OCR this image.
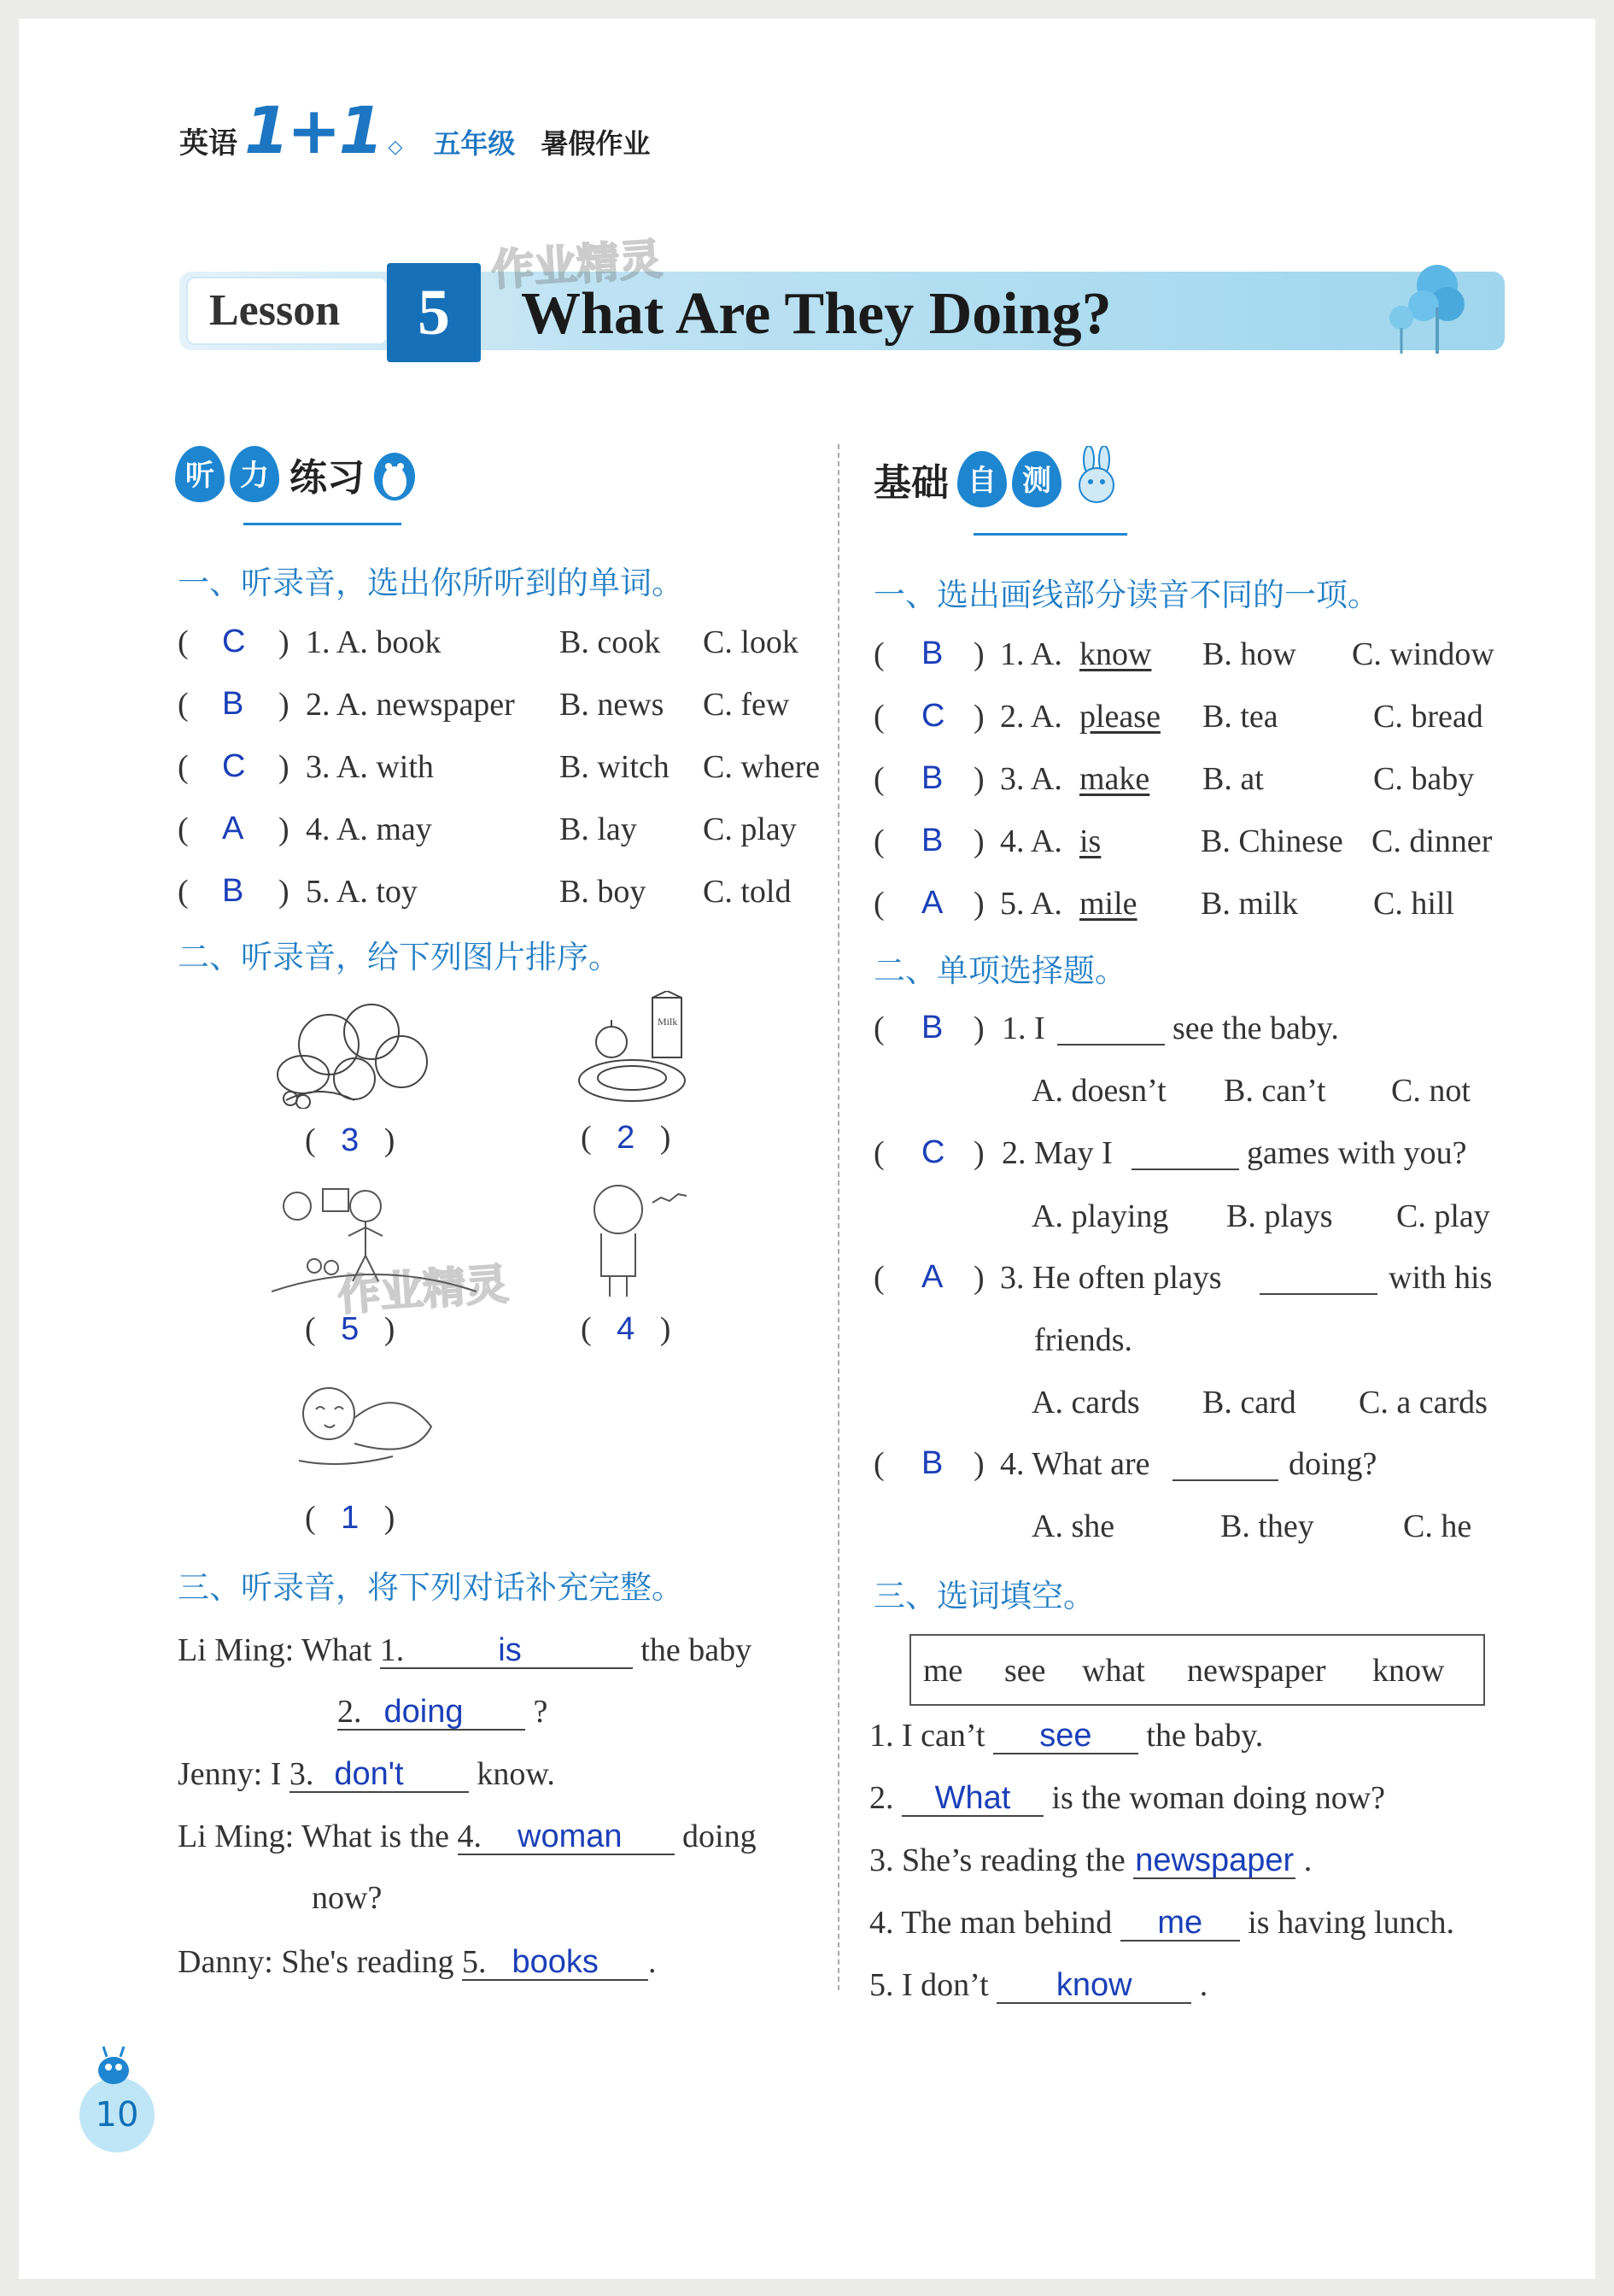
英语 1+1 ◇ 五年级 暑假作业
Lesson	5	What Are They Doing?
作业精灵
听 力 练习
一、听录音，选出你所听到的单词。
( C ) 1. A. book	B. cook C. look
( B ) 2. A. newspaper B. news C. few
( C ) 3. A. with	B. witch C. where
( A ) 4. A. may	B. lay C. play
( B ) 5. A. toy	B. boy C. told
二、听录音，给下列图片排序。
Milk
( 3 )	( 2 )
作业精灵
( 5 )	( 4 )
( 1 )
三、听录音，将下列对话补充完整。
Li Ming: What 1.	is	the baby
2. doing ?
Jenny: I 3. don't know.
Li Ming: What is the 4. woman doing
now?
Danny: She's reading 5. books .
基础 自 测
一、选出画线部分读音不同的一项。
( B ) 1. A. know B. how C. window
( C ) 2. A. please B. tea	C. bread
( B ) 3. A. make B. at	C. baby
( B ) 4. A. is	B. Chinese C. dinner
( A ) 5. A. mile B. milk C. hill
二、单项选择题。
( B ) 1. I	see the baby.
A. doesn’t B. can’t C. not
( C ) 2. May I	games with you?
A. playing B. plays C. play
( A ) 3. He often plays	with his
friends.
A. cards B. card C. a cards
( B ) 4. What are	doing?
A. she	B. they	C. he
三、选词填空。
me see what newspaper know
1. I can’t see the baby.
2. What is the woman doing now?
3. She’s reading the newspaper .
4. The man behind me is having lunch.
5. I don’t know .
10
